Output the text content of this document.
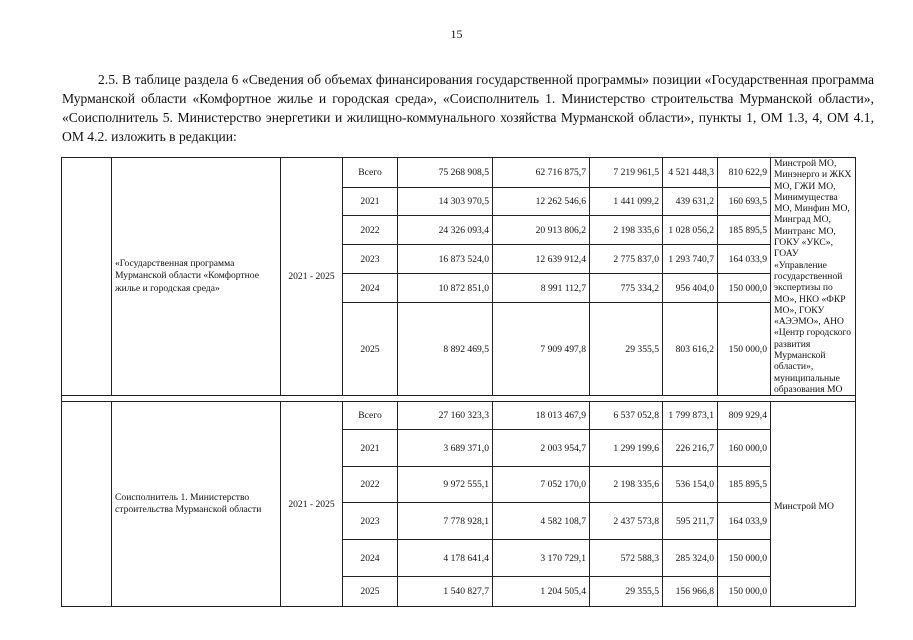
15
2.5. В таблице раздела 6 «Сведения об объемах финансирования государственной программы» позиции «Государственная программа Мурманской области «Комфортное жилье и городская среда», «Соисполнитель 1. Министерство строительства Мурманской области», «Соисполнитель 5. Министерство энергетики и жилищно-коммунального хозяйства Мурманской области», пункты 1, ОМ 1.3, 4, ОМ 4.1, ОМ 4.2. изложить в редакции:
	«Государственная программа Мурманской области «Комфортное жилье и городская среда»	2021 - 2025	Всего	75 268 908,5	62 716 875,7	7 219 961,5	4 521 448,3	810 622,9	Минстрой МО, Минэнерго и ЖКХ МО, ГЖИ МО, Минимущества МО, Минфин МО, Минград МО, Минтранс МО, ГОКУ «УКС», ГОАУ «Управление государственной экспертизы по МО», НКО «ФКР МО», ГОКУ «АЭЭМО», АНО «Центр городского развития Мурманской области», муниципальные образования МО
			2021	14 303 970,5	12 262 546,6	1 441 099,2	439 631,2	160 693,5	
			2022	24 326 093,4	20 913 806,2	2 198 335,6	1 028 056,2	185 895,5	
			2023	16 873 524,0	12 639 912,4	2 775 837,0	1 293 740,7	164 033,9	
			2024	10 872 851,0	8 991 112,7	775 334,2	956 404,0	150 000,0	
			2025	8 892 469,5	7 909 497,8	29 355,5	803 616,2	150 000,0	

	Соисполнитель 1. Министерство строительства Мурманской области	2021 - 2025	Всего	27 160 323,3	18 013 467,9	6 537 052,8	1 799 873,1	809 929,4	Минстрой МО
			2021	3 689 371,0	2 003 954,7	1 299 199,6	226 216,7	160 000,0	
			2022	9 972 555,1	7 052 170,0	2 198 335,6	536 154,0	185 895,5	
			2023	7 778 928,1	4 582 108,7	2 437 573,8	595 211,7	164 033,9	
			2024	4 178 641,4	3 170 729,1	572 588,3	285 324,0	150 000,0	
			2025	1 540 827,7	1 204 505,4	29 355,5	156 966,8	150 000,0	
